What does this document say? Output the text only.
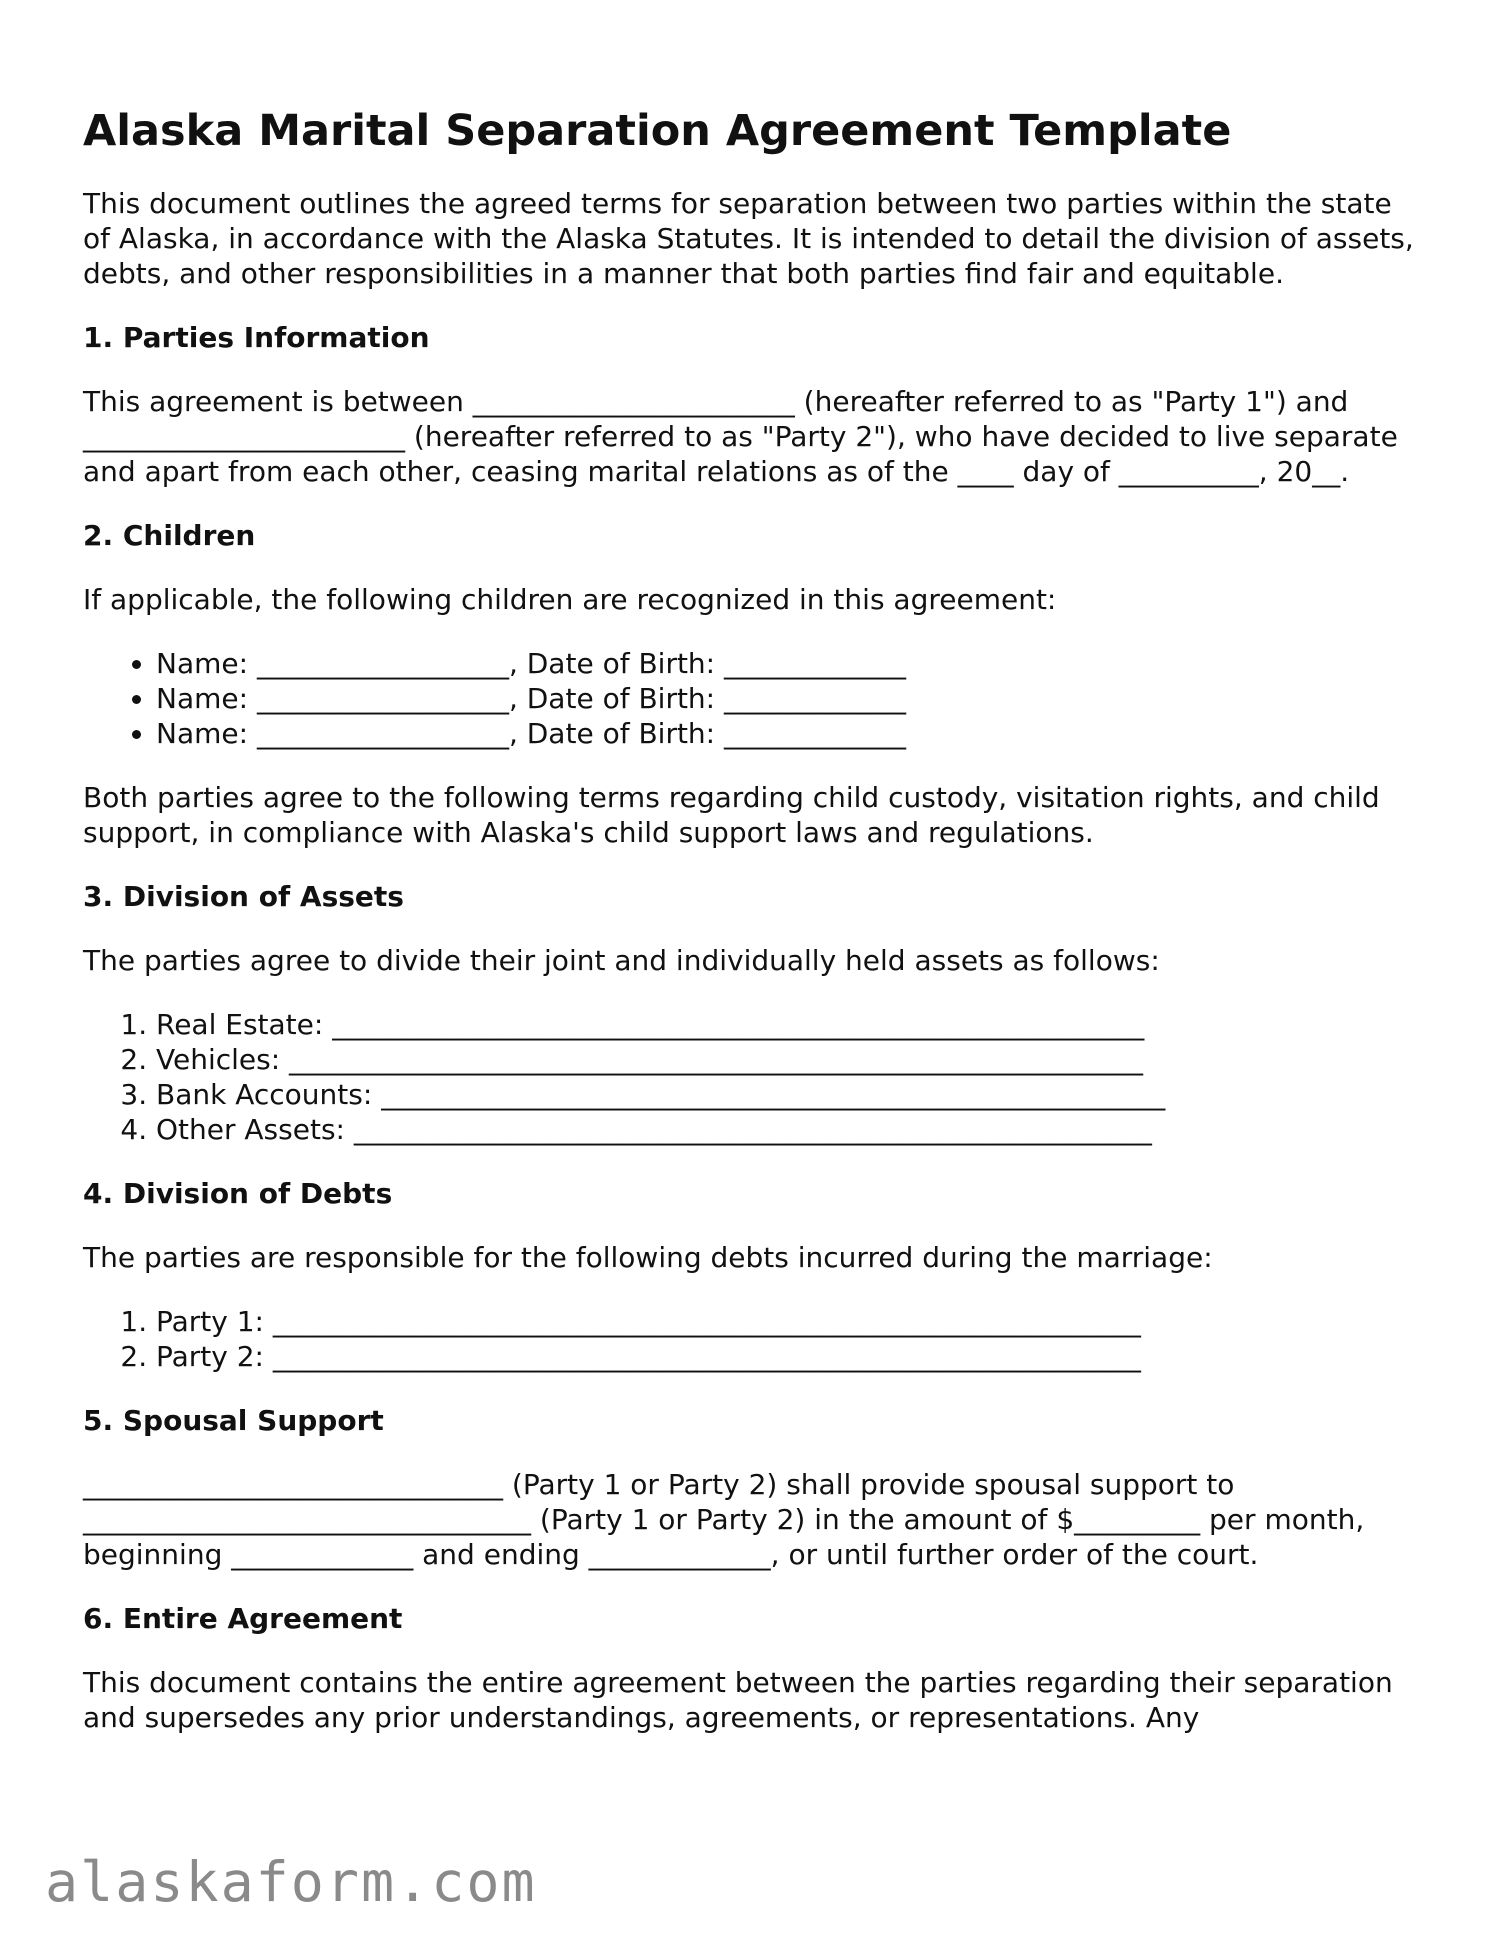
Alaska Marital Separation Agreement Template

This document outlines the agreed terms for separation between two parties within the state of Alaska, in accordance with the Alaska Statutes. It is intended to detail the division of assets, debts, and other responsibilities in a manner that both parties find fair and equitable.

1. Parties Information

This agreement is between _______________________ (hereafter referred to as "Party 1") and _______________________ (hereafter referred to as "Party 2"), who have decided to live separate and apart from each other, ceasing marital relations as of the ____ day of __________, 20__.

2. Children

If applicable, the following children are recognized in this agreement:

• Name: __________________, Date of Birth: _____________
• Name: __________________, Date of Birth: _____________
• Name: __________________, Date of Birth: _____________

Both parties agree to the following terms regarding child custody, visitation rights, and child support, in compliance with Alaska's child support laws and regulations.

3. Division of Assets

The parties agree to divide their joint and individually held assets as follows:

1. Real Estate: __________________________________________________________
2. Vehicles: _____________________________________________________________
3. Bank Accounts: ________________________________________________________
4. Other Assets: _________________________________________________________
4. Division of Debts

The parties are responsible for the following debts incurred during the marriage:

1. Party 1: ______________________________________________________________
2. Party 2: ______________________________________________________________
5. Spousal Support

______________________________ (Party 1 or Party 2) shall provide spousal support to ________________________________ (Party 1 or Party 2) in the amount of $_________ per month, beginning _____________ and ending _____________, or until further order of the court.

6. Entire Agreement

This document contains the entire agreement between the parties regarding their separation and supersedes any prior understandings, agreements, or representations. Any

alaskaform.com
